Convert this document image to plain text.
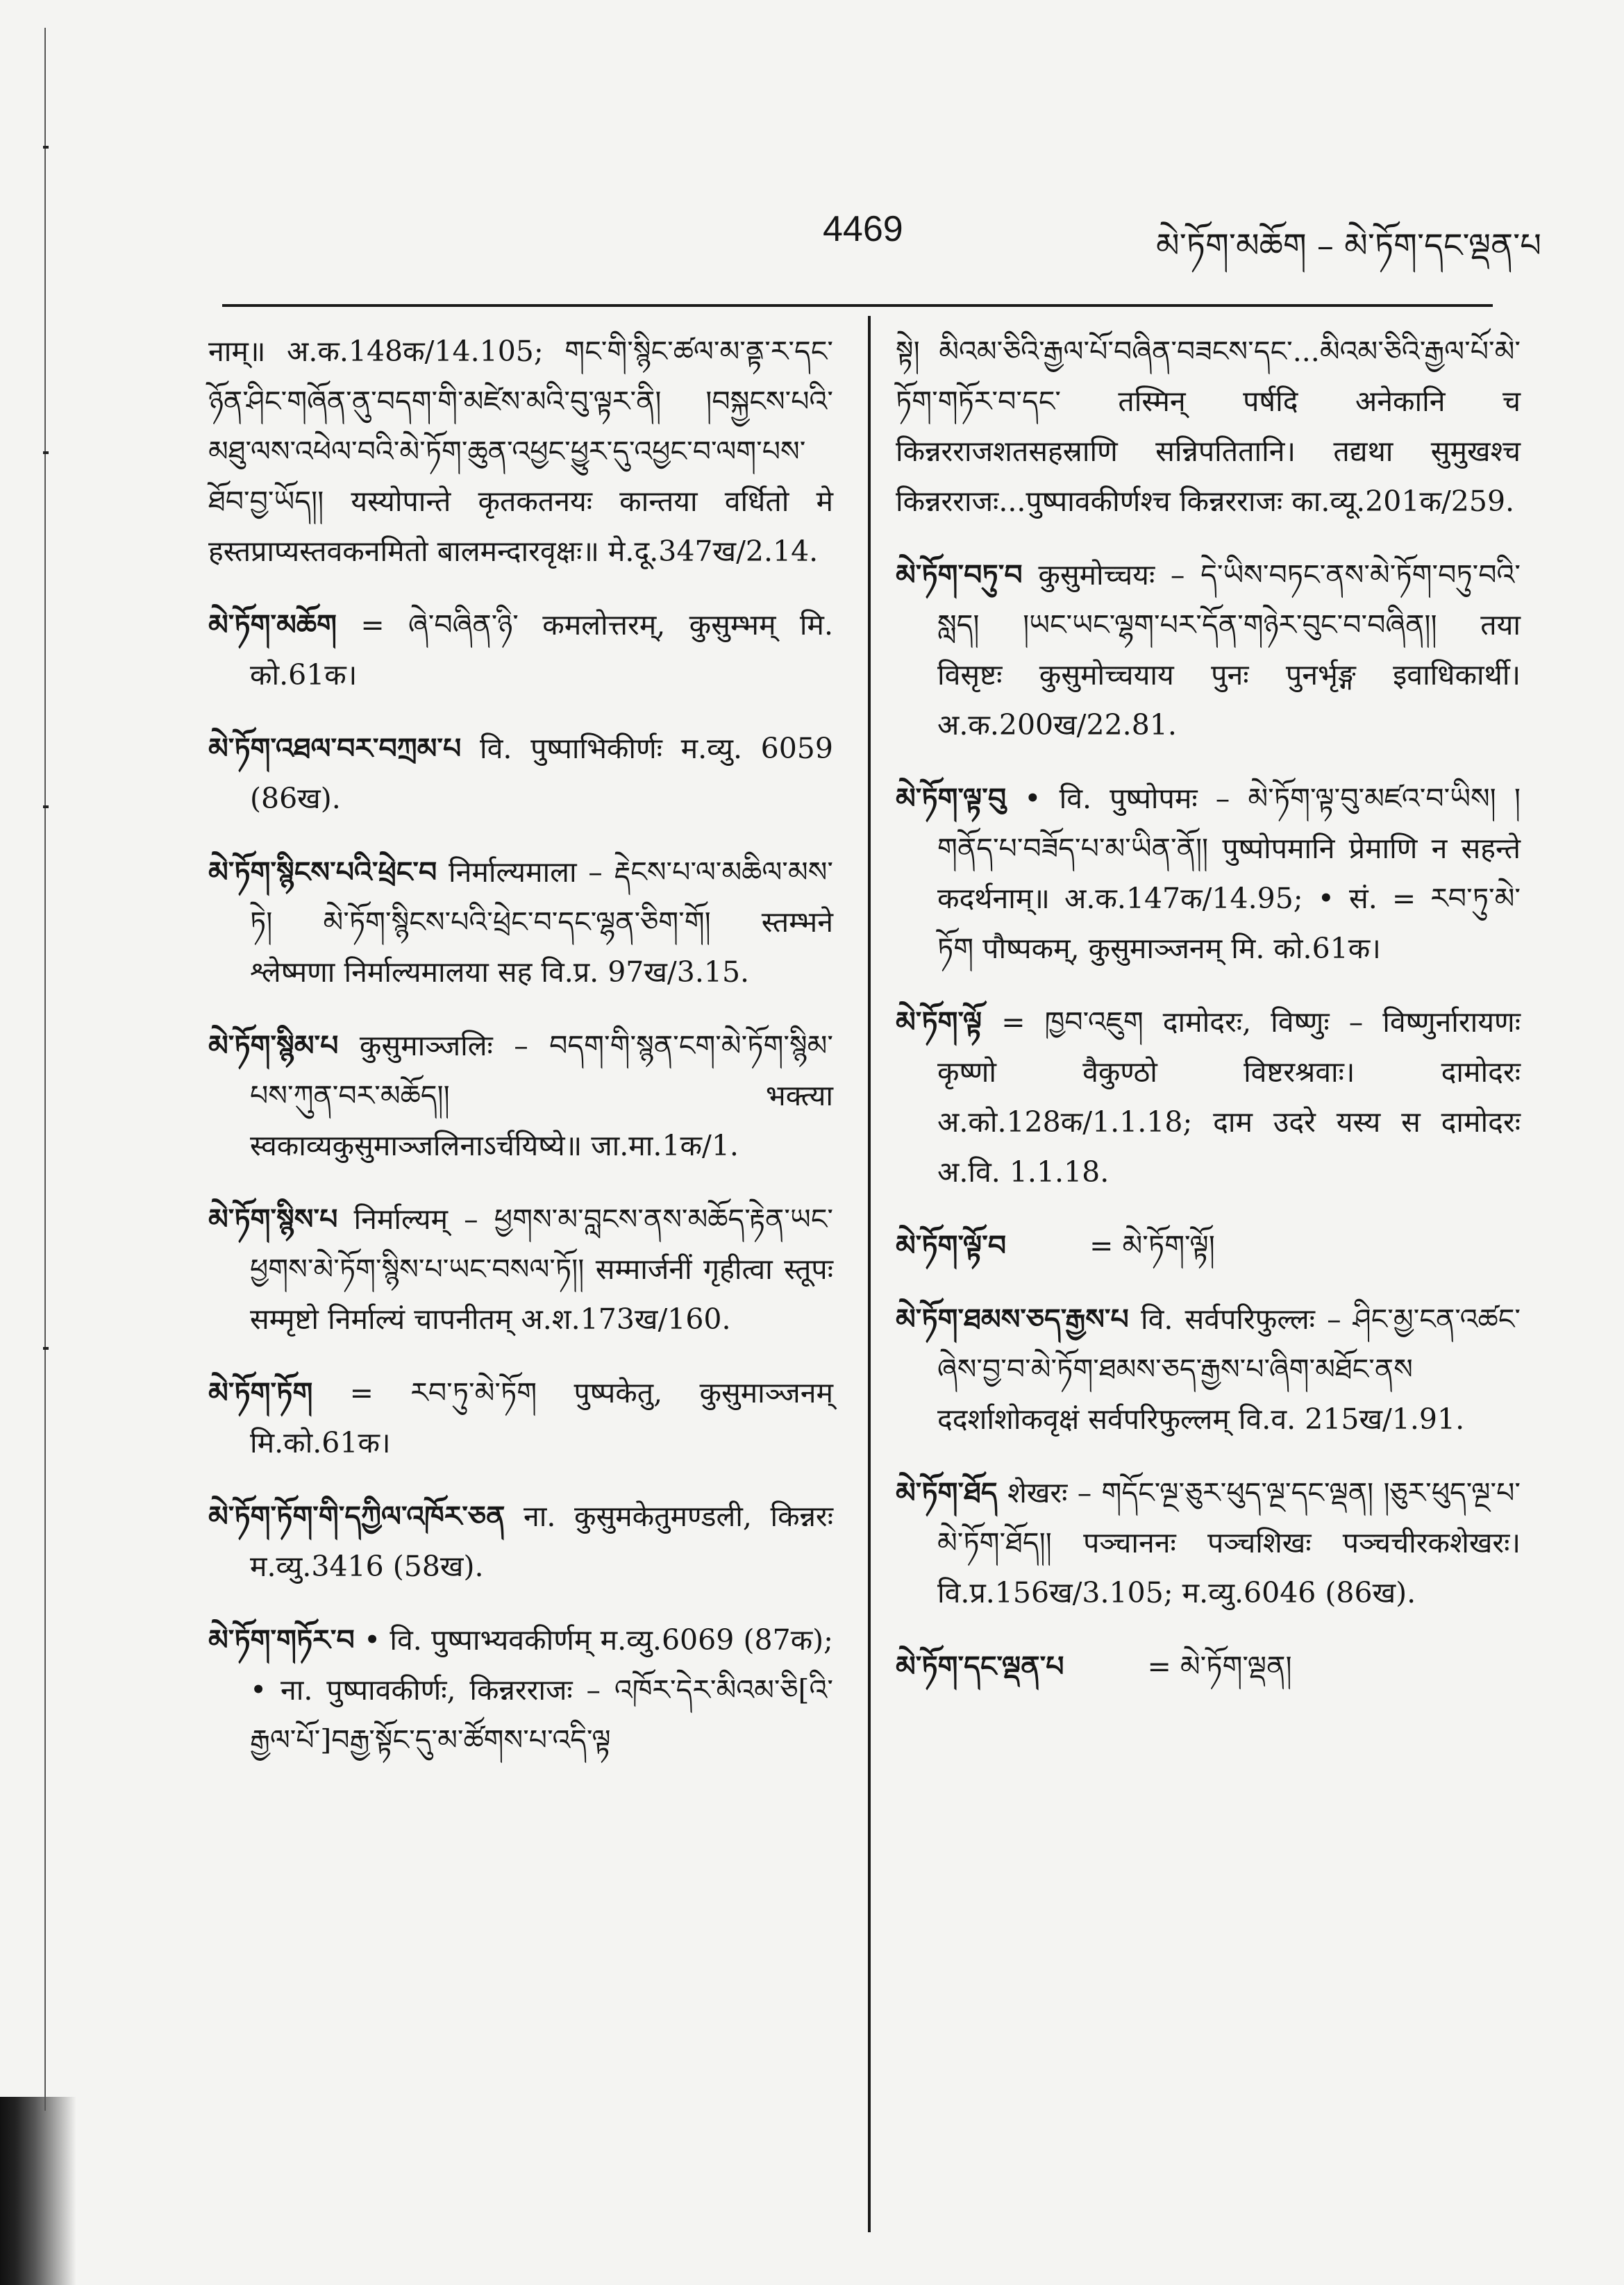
4469	མེ་ཏོག་མཆོག – མེ་ཏོག་དང་ལྡན་པ

नाम्॥ अ.क.148क/14.105; གང་གི་སྙིང་ཚལ་མ་ནྟ་ར་དང་ཉོན་ཤིང་གཞོན་ནུ་བདག་གི་མཛེས་མའི་བུ་ལྟར་ནི། །བསྐྱངས་པའི་མཐུ་ལས་འཕེལ་བའི་མེ་ཏོག་ཆུན་འཕྱང་ཕྱུར་དུ་འཕྱང་བ་ལག་པས་ཐོབ་བྱ་ཡོད།། यस्योपान्ते कृतकतनयः कान्तया वर्धितो मे हस्तप्राप्यस्तवकनमितो बालमन्दारवृक्षः॥ मे.दू.347ख/2.14.

མེ་ཏོག་མཆོག = ཞེ་བཞིན་ཉི་ कमलोत्तरम्, कुसुम्भम् मि. को.61क।

མེ་ཏོག་འཐལ་བར་བཀྲམ་པ वि. पुष्पाभिकीर्णः म.व्यु. 6059 (86ख).

མེ་ཏོག་སྙིངས་པའི་ཕྲེང་བ निर्माल्यमाला – རྡེངས་པ་ལ་མཆིལ་མས་ཏེ། མེ་ཏོག་སྙིངས་པའི་ཕྲེང་བ་དང་ལྷན་ཅིག་གོ། स्तम्भने श्लेष्मणा निर्माल्यमालया सह वि.प्र. 97ख/3.15.

མེ་ཏོག་སྙིམ་པ कुसुमाञ्जलिः – བདག་གི་སྙན་ངག་མེ་ཏོག་སྙིམ་པས་ཀུན་བར་མཆོད།། भक्त्या स्वकाव्यकुसुमाञ्जलिनाऽर्चयिष्ये॥ जा.मा.1क/1.

མེ་ཏོག་སྙིས་པ निर्माल्यम् – ཕྱགས་མ་བླངས་ནས་མཆོད་རྟེན་ཡང་ཕྱགས་མེ་ཏོག་སྙིས་པ་ཡང་བསལ་ཏོ།། सम्मार्जनीं गृहीत्वा स्तूपः सम्मृष्टो निर्माल्यं चापनीतम् अ.श.173ख/160.

མེ་ཏོག་ཏོག = རབ་ཏུ་མེ་ཏོག पुष्पकेतु, कुसुमाञ्जनम् मि.को.61क।

མེ་ཏོག་ཏོག་གི་དཀྱིལ་འཁོར་ཅན ना. कुसुमकेतुमण्डली, किन्नरः म.व्यु.3416 (58ख).

མེ་ཏོག་གཏོར་བ • वि. पुष्पाभ्यवकीर्णम् म.व्यु.6069 (87क); • ना. पुष्पावकीर्णः, किन्नरराजः – འཁོར་དེར་མིའམ་ཅི[འི་རྒྱལ་པོ་]བརྒྱ་སྟོང་དུ་མ་ཚོགས་པ་འདི་ལྟ

སྟེ། མིའམ་ཅིའི་རྒྱལ་པོ་བཞིན་བཟངས་དང་...མིའམ་ཅིའི་རྒྱལ་པོ་མེ་ཏོག་གཏོར་བ་དང་ तस्मिन् पर्षदि अनेकानि च किन्नरराजशतसहस्राणि सन्निपतितानि। तद्यथा सुमुखश्च किन्नरराजः...पुष्पावकीर्णश्च किन्नरराजः का.व्यू.201क/259.

མེ་ཏོག་བཏུ་བ कुसुमोच्चयः – དེ་ཡིས་བཏང་ནས་མེ་ཏོག་བཏུ་བའི་སླད། །ཡང་ཡང་ལྷག་པར་དོན་གཉེར་བུང་བ་བཞིན།། तया विसृष्टः कुसुमोच्चयाय पुनः पुनर्भृङ्ग इवाधिकार्थी। अ.क.200ख/22.81.

མེ་ཏོག་ལྟ་བུ • वि. पुष्पोपमः – མེ་ཏོག་ལྟ་བུ་མཛའ་བ་ཡིས། །གནོད་པ་བཟོད་པ་མ་ཡིན་ནོ།། पुष्पोपमानि प्रेमाणि न सहन्ते कदर्थनाम्॥ अ.क.147क/14.95; • सं. = རབ་ཏུ་མེ་ཏོག पौष्पकम्, कुसुमाञ्जनम् मि. को.61क।

མེ་ཏོག་ལྟོ = ཁྱབ་འཇུག दामोदरः, विष्णुः – विष्णुर्नारायणः कृष्णो वैकुण्ठो विष्टरश्रवाः। दामोदरः अ.को.128क/1.1.18; दाम उदरे यस्य स दामोदरः अ.वि. 1.1.18.

མེ་ཏོག་ལྟོ་བ	= མེ་ཏོག་ལྟོ།

མེ་ཏོག་ཐམས་ཅད་རྒྱས་པ वि. सर्वपरिफुल्लः – ཤིང་མྱ་ངན་འཚང་ཞེས་བྱ་བ་མེ་ཏོག་ཐམས་ཅད་རྒྱས་པ་ཞིག་མཐོང་ནས ददर्शाशोकवृक्षं सर्वपरिफुल्लम् वि.व. 215ख/1.91.

མེ་ཏོག་ཐོད शेखरः – གདོང་ལྔ་ཅུར་ཕུད་ལྔ་དང་ལྡན། །ཅུར་ཕུད་ལྔ་པ་མེ་ཏོག་ཐོད།། पञ्चाननः पञ्चशिखः पञ्चचीरकशेखरः। वि.प्र.156ख/3.105; म.व्यु.6046 (86ख).

མེ་ཏོག་དང་ལྡན་པ	= མེ་ཏོག་ལྡན།
